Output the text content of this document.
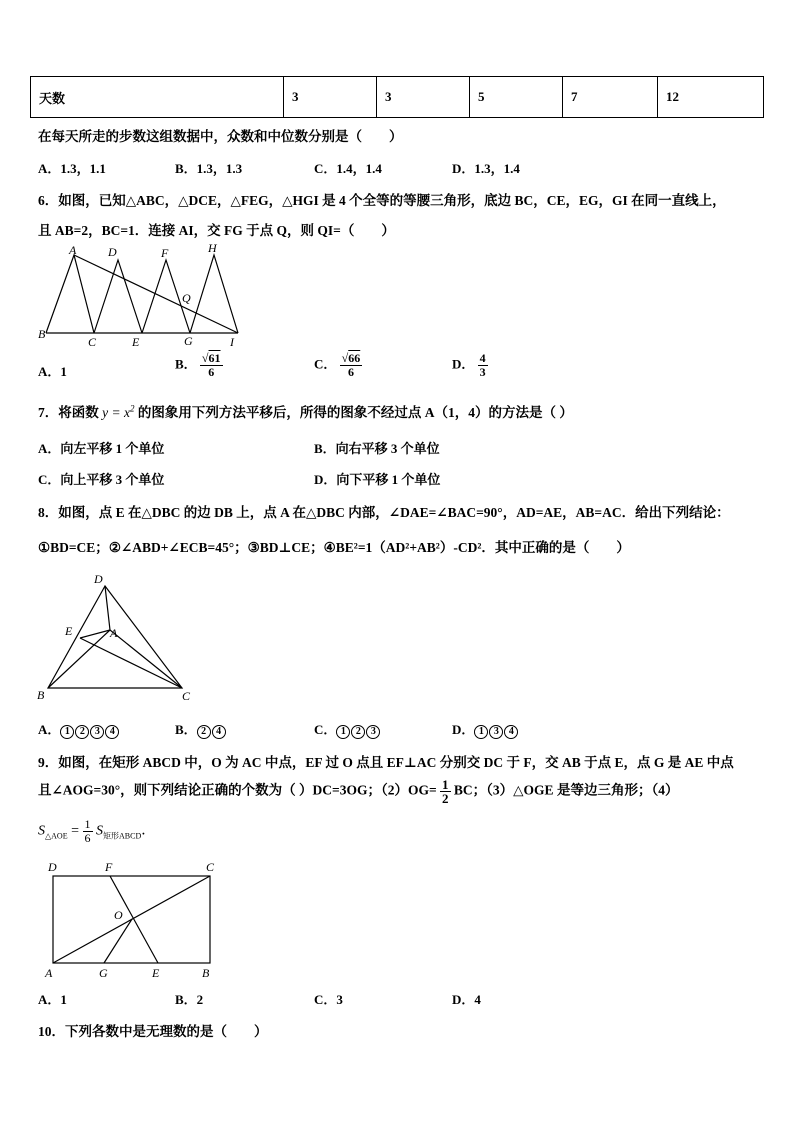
天数	3	3	5	7	12
在每天所走的步数这组数据中，众数和中位数分别是（　　）
A．1.3，1.1	B．1.3，1.3	C．1.4，1.4	D．1.3，1.4
6．如图，已知△ABC，△DCE，△FEG，△HGI 是 4 个全等的等腰三角形，底边 BC，CE，EG，GI 在同一直线上，
且 AB=2，BC=1．连接 AI，交 FG 于点 Q，则 QI=（　　）
A	D	F	H
Q
B
C	E	G	I
A．1
B． $\frac{√61}{6}$	C． $\frac{√66}{6}$	D． $\frac{4}{3}$
7．将函数 $y = x^2$ 的图象用下列方法平移后，所得的图象不经过点 A（1，4）的方法是（ ）
A．向左平移 1 个单位	B．向右平移 3 个单位
C．向上平移 3 个单位	D．向下平移 1 个单位
8．如图，点 E 在△DBC 的边 DB 上，点 A 在△DBC 内部，∠DAE=∠BAC=90°，AD=AE，AB=AC．给出下列结论：
①BD=CE；②∠ABD+∠ECB=45°；③BD⊥CE；④BE²=1（AD²+AB²）-CD²．其中正确的是（　　）
D
E	A
B	C
A． 1 2 3 4	B． 2 4	C． 1 2 3	D． 1 3 4
9．如图，在矩形 ABCD 中，O 为 AC 中点，EF 过 O 点且 EF⊥AC 分别交 DC 于 F，交 AB 于点 E，点 G 是 AE 中点
且∠AOG=30°，则下列结论正确的个数为（ ）DC=3OG；$(2)OG= \frac{1}{2}$ BC；（3）△OGE 是等边三角形；（4）
$S_{\triangle AOE} = \frac{1}{6} S_{矩形ABCD}$．
D	F	C
O
A	G	E	B
A．1	B．2	C．3	D．4
10．下列各数中是无理数的是（　　）
